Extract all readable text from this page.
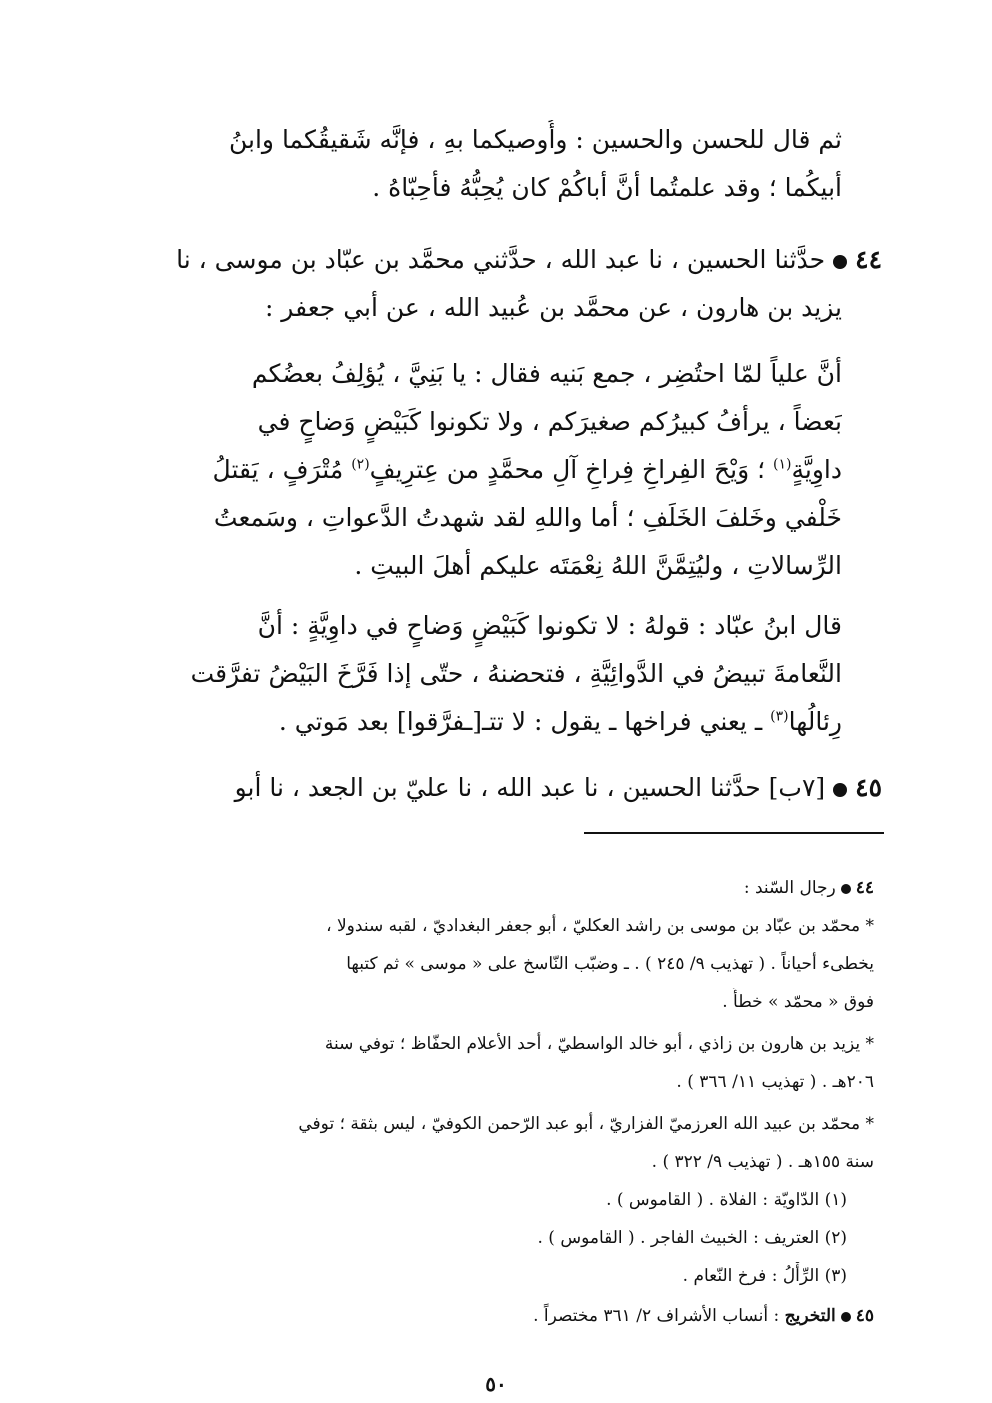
ثم قال للحسن والحسين : وأُوصيكما بهِ ، فإنَّه شَقيقُكما وابنُ
أبيكُما ؛ وقد علمتُما أنَّ أباكُمْ كان يُحِبُّهُ فأحِبّاهُ .
٤٤حدَّثنا الحسين ، نا عبد الله ، حدَّثني محمَّد بن عبّاد بن موسى ، نا
يزيد بن هارون ، عن محمَّد بن عُبيد الله ، عن أبي جعفر :
أنَّ علياً لمّا احتُضِر ، جمع بَنيه فقال : يا بَنِيَّ ، يُؤلِفُ بعضُكم
بَعضاً ، يرأفُ كبيرُكم صغيرَكم ، ولا تكونوا كَبَيْضٍ وَضاحٍ في
داوِيَّةٍ$^{(١)}$ ؛ وَيْحَ الفِراخِ فِراخِ آلِ محمَّدٍ من عِترِيفٍ$^{(٢)}$ مُتْرَفٍ ، يَقتلُ
خَلْفي وخَلفَ الخَلَفِ ؛ أما واللهِ لقد شهدتُ الدَّعواتِ ، وسَمعتُ
الرِّسالاتِ ، وليُتِمَّنَّ اللهُ نِعْمَتَه عليكم أهلَ البيتِ .
قال ابنُ عبّاد : قولهُ : لا تكونوا كَبَيْضٍ وَضاحٍ في داوِيَّةٍ : أنَّ
النَّعامةَ تبيضُ في الدَّوائِيَّةِ ، فتحضنهُ ، حتّى إذا فَرَّخَ البَيْضُ تفرَّقت
رِئالُها$^{(٣)}$ ـ يعني فراخها ـ يقول : لا تتـ[ـفرَّقوا] بعد مَوتي .
٤٥[٧ب] حدَّثنا الحسين ، نا عبد الله ، نا عليّ بن الجعد ، نا أبو
٤٤رجال السّند :
* محمّد بن عبّاد بن موسى بن راشد العكليّ ، أبو جعفر البغداديّ ، لقبه سندولا ،
يخطىء أحياناً . ( تهذيب ٩/ ٢٤٥ ) . ـ وضبّب النّاسخ على « موسى » ثم كتبها
فوق « محمّد » خطأً .
* يزيد بن هارون بن زاذي ، أبو خالد الواسطيّ ، أحد الأعلام الحفّاظ ؛ توفي سنة
٢٠٦هـ . ( تهذيب ١١/ ٣٦٦ ) .
* محمّد بن عبيد الله العرزميّ الفزاريّ ، أبو عبد الرّحمن الكوفيّ ، ليس بثقة ؛ توفي
سنة ١٥٥هـ . ( تهذيب ٩/ ٣٢٢ ) .
(١) الدّاويّة : الفلاة . ( القاموس ) .
(٢) العتريف : الخبيث الفاجر . ( القاموس ) .
(٣) الرِّأْلُ : فرخ النّعام .
٤٥التخريج : أنساب الأشراف ٢/ ٣٦١ مختصراً .
٥٠
